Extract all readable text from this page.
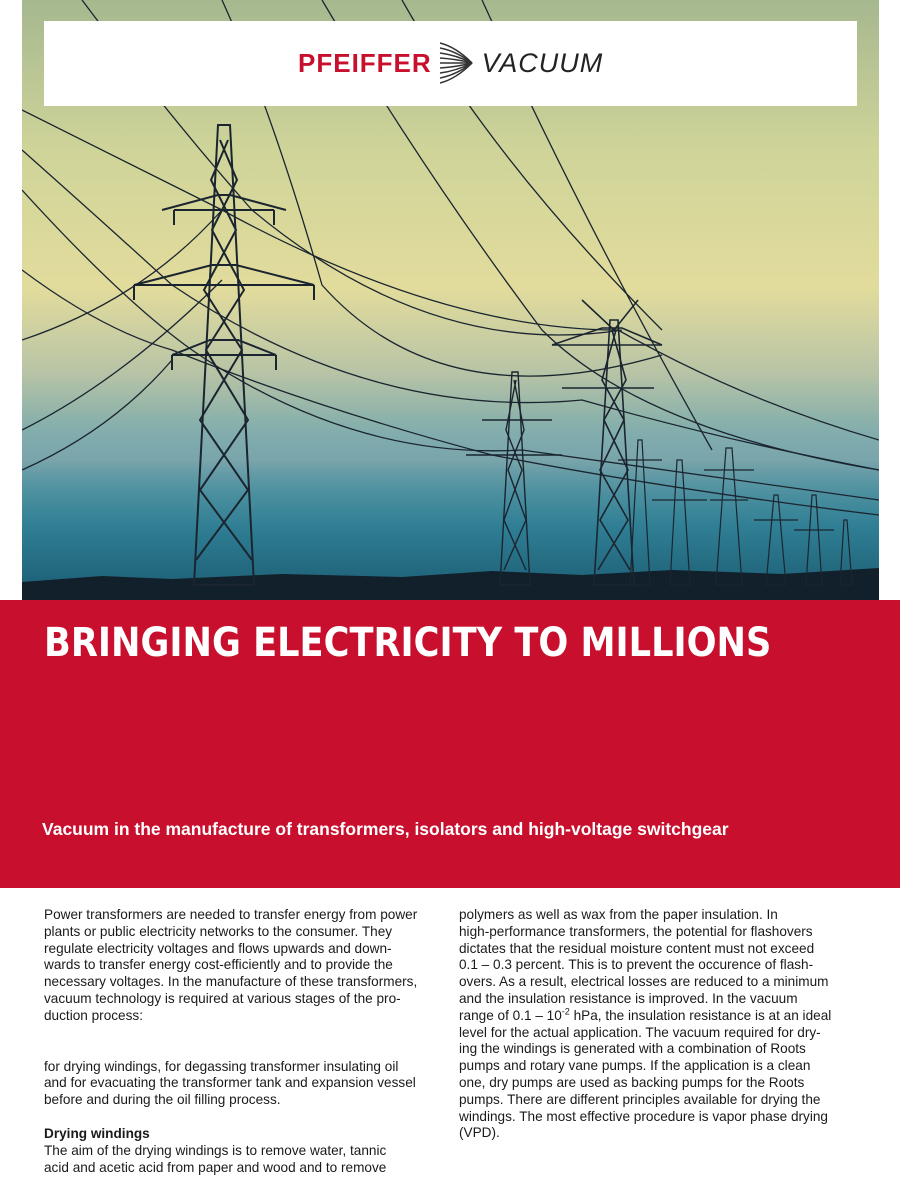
PFEIFFER VACUUM
BRINGING ELECTRICITY TO MILLIONS

Vacuum in the manufacture of transformers, isolators and high-voltage switchgear

Power transformers are needed to transfer energy from power

plants or public electricity networks to the consumer. They

regulate electricity voltages and flows upwards and down-

wards to transfer energy cost-efficiently and to provide the

necessary voltages. In the manufacture of these transformers,

vacuum technology is required at various stages of the pro-

duction process:

for drying windings, for degassing transformer insulating oil

and for evacuating the transformer tank and expansion vessel

before and during the oil filling process.

Drying windings

The aim of the drying windings is to remove water, tannic

acid and acetic acid from paper and wood and to remove

polymers as well as wax from the paper insulation. In

high-performance transformers, the potential for flashovers

dictates that the residual moisture content must not exceed

0.1 – 0.3 percent. This is to prevent the occurence of flash-

overs. As a result, electrical losses are reduced to a minimum

and the insulation resistance is improved. In the vacuum

range of $0.1 - 10^{-2}$ hPa, the insulation resistance is at an ideal

level for the actual application. The vacuum required for dry-

ing the windings is generated with a combination of Roots

pumps and rotary vane pumps. If the application is a clean

one, dry pumps are used as backing pumps for the Roots

pumps. There are different principles available for drying the

windings. The most effective procedure is vapor phase drying

(VPD).
